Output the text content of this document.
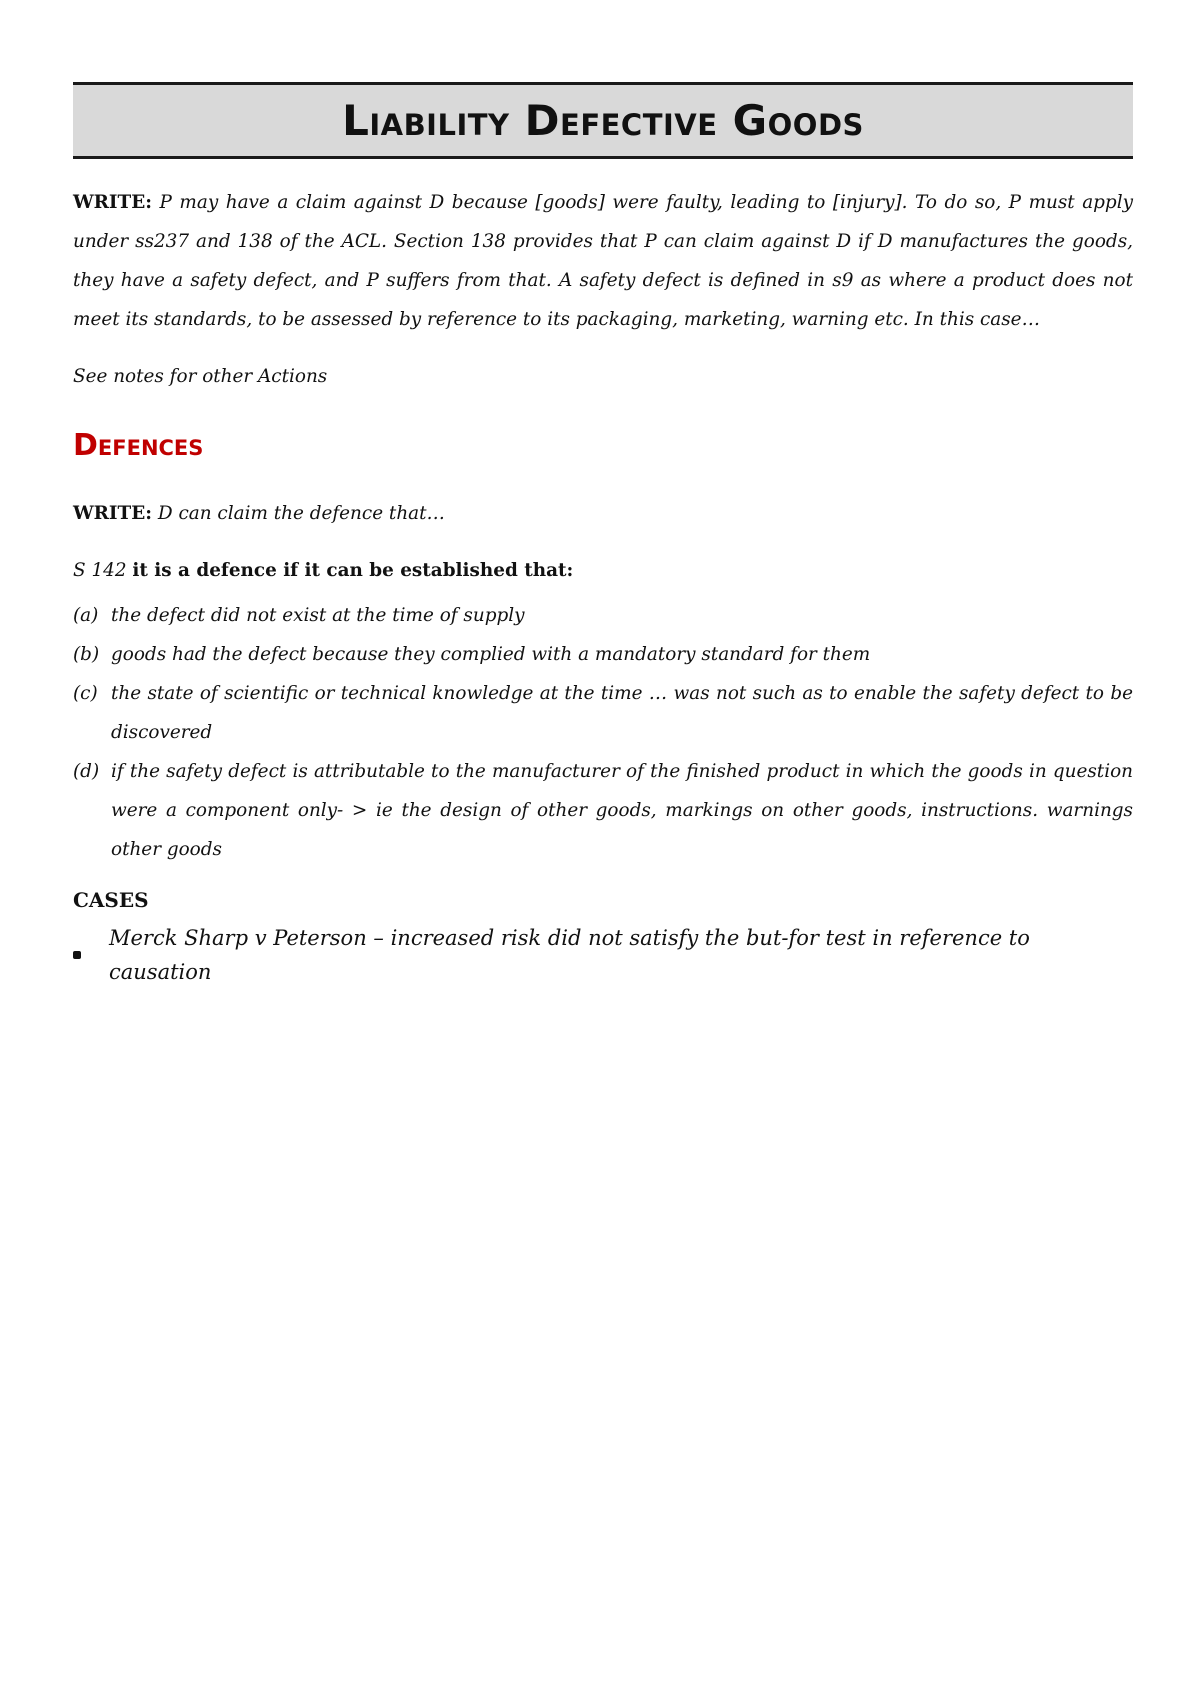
Liability Defective Goods

WRITE: P may have a claim against D because [goods] were faulty, leading to [injury]. To do so, P must apply under ss237 and 138 of the ACL. Section 138 provides that P can claim against D if D manufactures the goods, they have a safety defect, and P suffers from that. A safety defect is defined in s9 as where a product does not meet its standards, to be assessed by reference to its packaging, marketing, warning etc. In this case…

See notes for other Actions

Defences

WRITE: D can claim the defence that…

S 142 it is a defence if it can be established that:

(a) the defect did not exist at the time of supply
(b) goods had the defect because they complied with a mandatory standard for them
(c) the state of scientific or technical knowledge at the time … was not such as to enable the safety defect to be discovered
(d) if the safety defect is attributable to the manufacturer of the finished product in which the goods in question were a component only- > ie the design of other goods, markings on other goods, instructions. warnings other goods
CASES
Merck Sharp v Peterson – increased risk did not satisfy the but-for test in reference to causation
